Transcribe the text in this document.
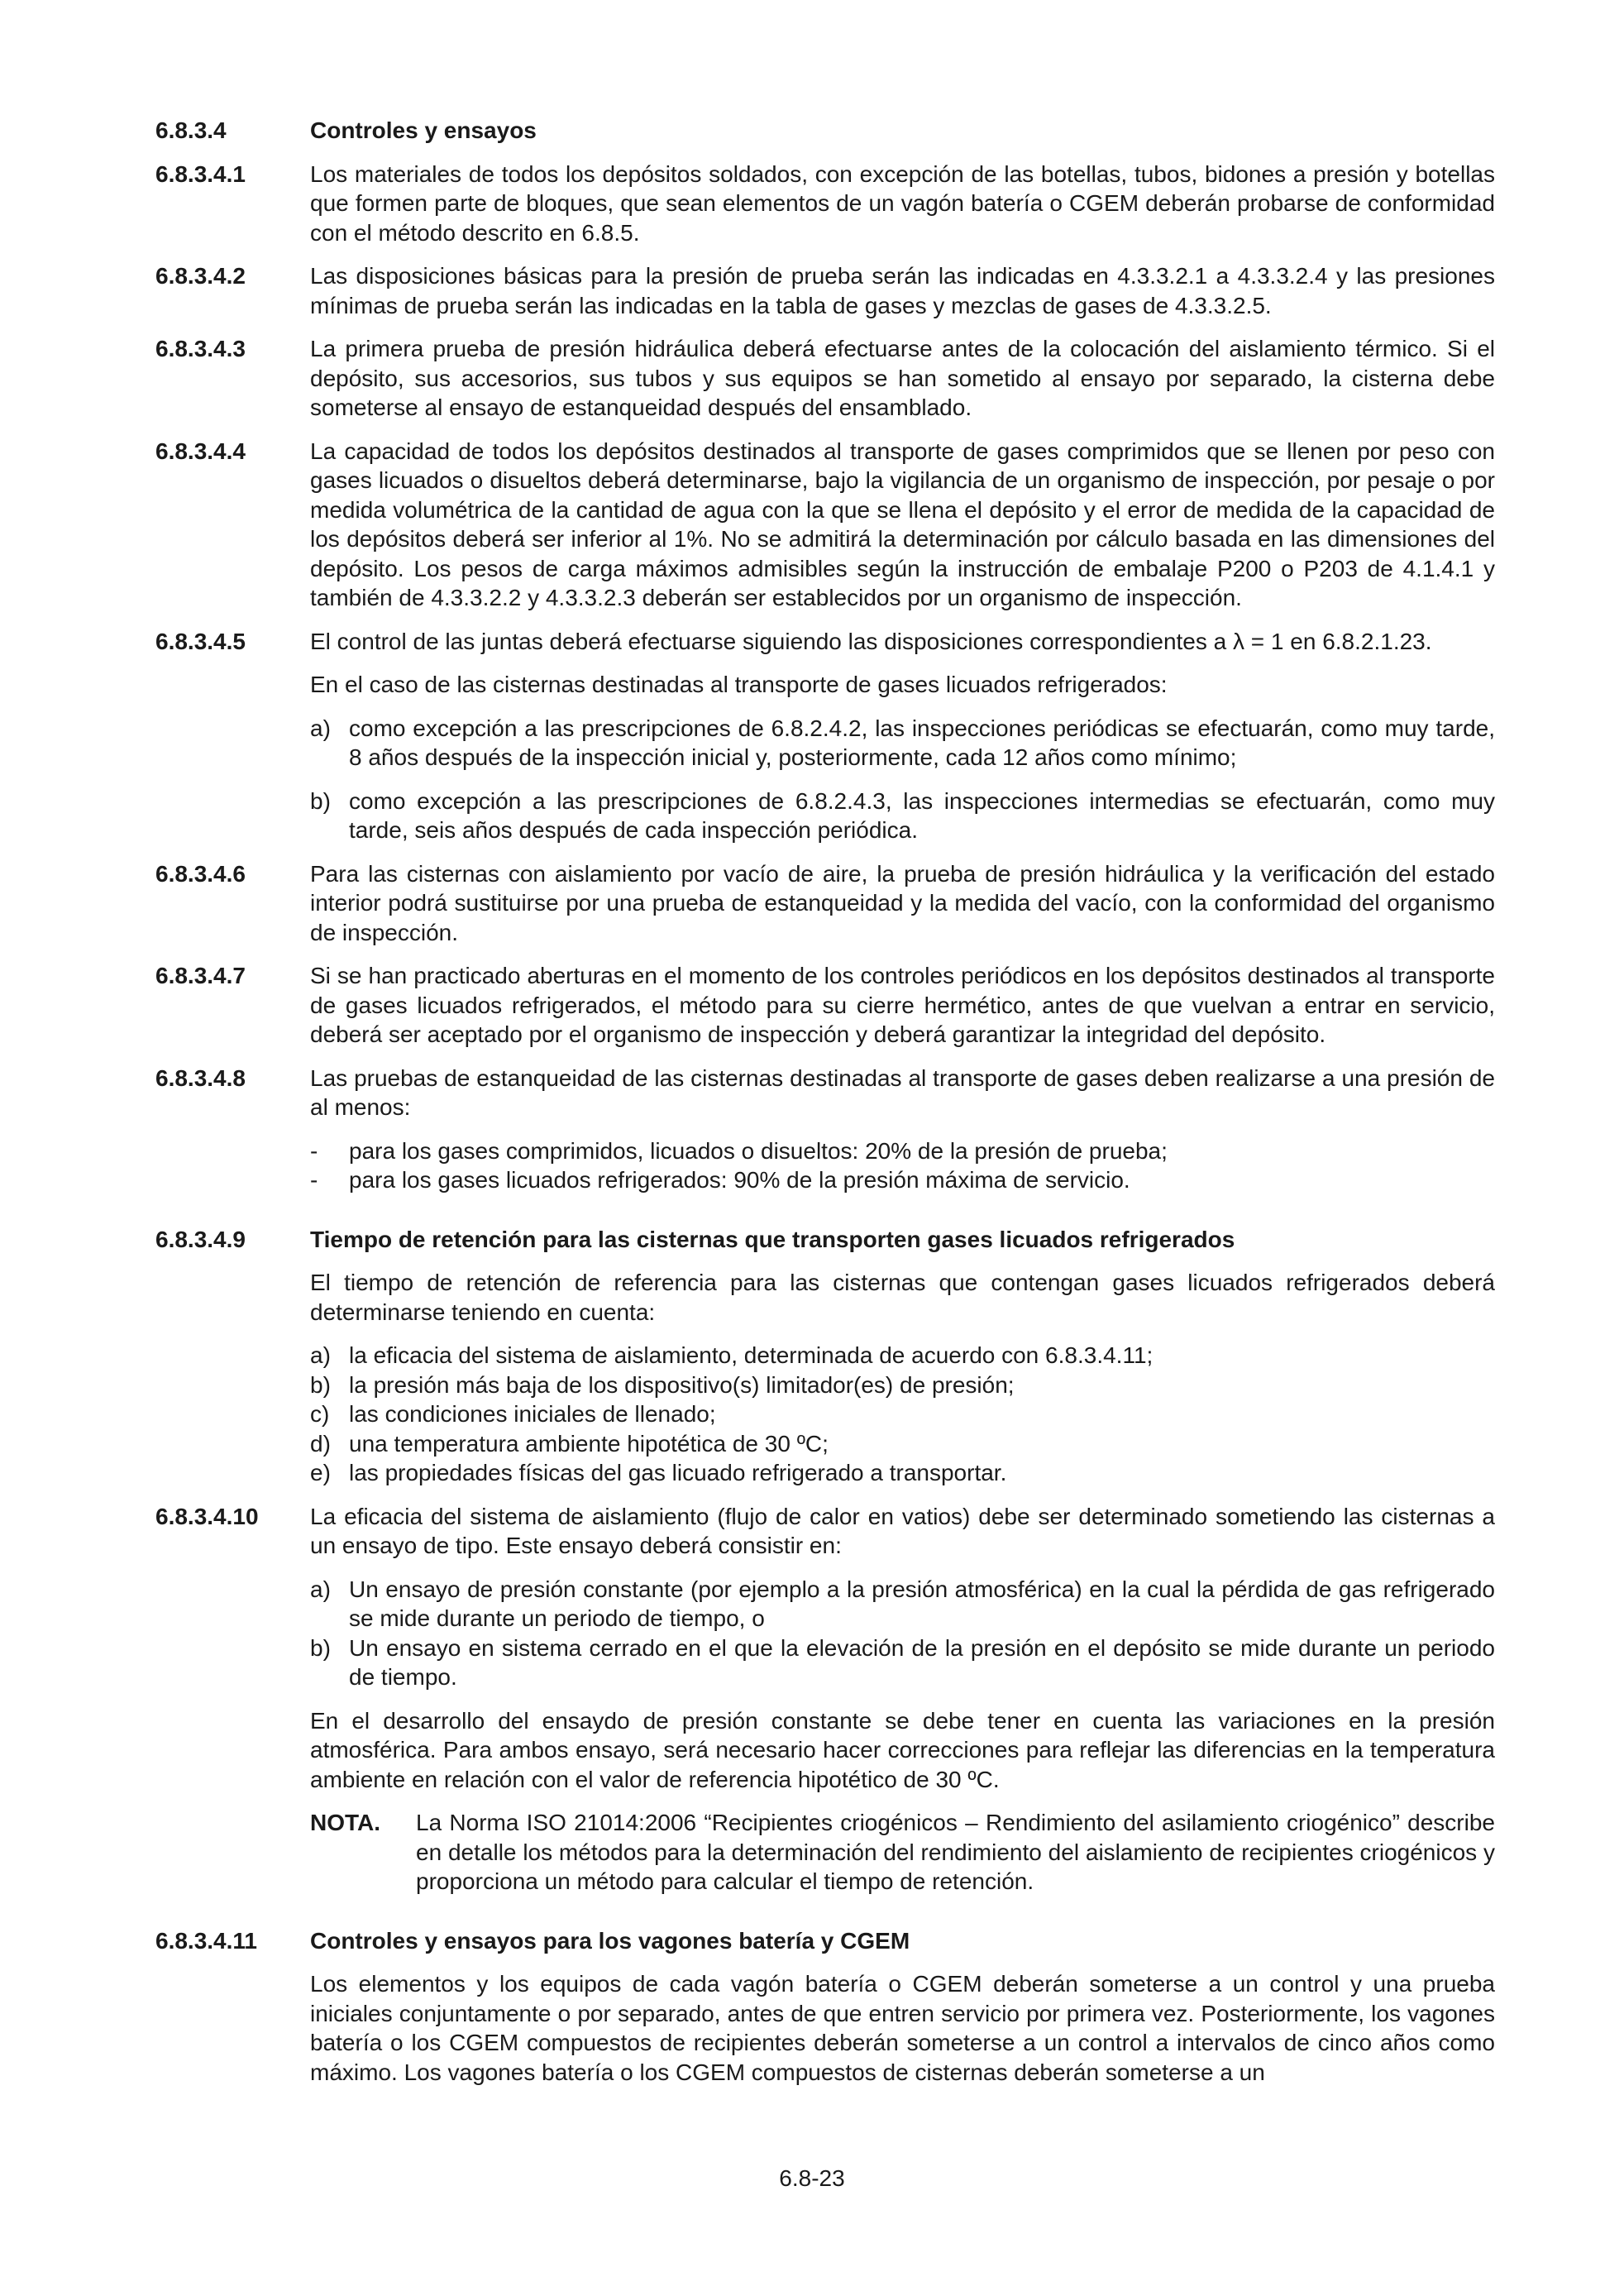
6.8.3.4	Controles y ensayos
6.8.3.4.1	Los materiales de todos los depósitos soldados, con excepción de las botellas, tubos, bidones a presión y botellas que formen parte de bloques, que sean elementos de un vagón batería o CGEM deberán probarse de conformidad con el método descrito en 6.8.5.
6.8.3.4.2	Las disposiciones básicas para la presión de prueba serán las indicadas en 4.3.3.2.1 a 4.3.3.2.4 y las presiones mínimas de prueba serán las indicadas en la tabla de gases y mezclas de gases de 4.3.3.2.5.
6.8.3.4.3	La primera prueba de presión hidráulica deberá efectuarse antes de la colocación del aislamiento térmico. Si el depósito, sus accesorios, sus tubos y sus equipos se han sometido al ensayo por separado, la cisterna debe someterse al ensayo de estanqueidad después del ensamblado.
6.8.3.4.4	La capacidad de todos los depósitos destinados al transporte de gases comprimidos que se llenen por peso con gases licuados o disueltos deberá determinarse, bajo la vigilancia de un organismo de inspección, por pesaje o por medida volumétrica de la cantidad de agua con la que se llena el depósito y el error de medida de la capacidad de los depósitos deberá ser inferior al 1%. No se admitirá la determinación por cálculo basada en las dimensiones del depósito. Los pesos de carga máximos admisibles según la instrucción de embalaje P200 o P203 de 4.1.4.1 y también de 4.3.3.2.2 y 4.3.3.2.3 deberán ser establecidos por un organismo de inspección.
6.8.3.4.5	El control de las juntas deberá efectuarse siguiendo las disposiciones correspondientes a λ = 1 en 6.8.2.1.23.
En el caso de las cisternas destinadas al transporte de gases licuados refrigerados:
a) como excepción a las prescripciones de 6.8.2.4.2, las inspecciones periódicas se efectuarán, como muy tarde, 8 años después de la inspección inicial y, posteriormente, cada 12 años como mínimo;
b) como excepción a las prescripciones de 6.8.2.4.3, las inspecciones intermedias se efectuarán, como muy tarde, seis años después de cada inspección periódica.
6.8.3.4.6	Para las cisternas con aislamiento por vacío de aire, la prueba de presión hidráulica y la verificación del estado interior podrá sustituirse por una prueba de estanqueidad y la medida del vacío, con la conformidad del organismo de inspección.
6.8.3.4.7	Si se han practicado aberturas en el momento de los controles periódicos en los depósitos destinados al transporte de gases licuados refrigerados, el método para su cierre hermético, antes de que vuelvan a entrar en servicio, deberá ser aceptado por el organismo de inspección y deberá garantizar la integridad del depósito.
6.8.3.4.8	Las pruebas de estanqueidad de las cisternas destinadas al transporte de gases deben realizarse a una presión de al menos:
-	para los gases comprimidos, licuados o disueltos: 20% de la presión de prueba;
-	para los gases licuados refrigerados: 90% de la presión máxima de servicio.
6.8.3.4.9	Tiempo de retención para las cisternas que transporten gases licuados refrigerados
El tiempo de retención de referencia para las cisternas que contengan gases licuados refrigerados deberá determinarse teniendo en cuenta:
a) la eficacia del sistema de aislamiento, determinada de acuerdo con 6.8.3.4.11;
b) la presión más baja de los dispositivo(s) limitador(es) de presión;
c) las condiciones iniciales de llenado;
d) una temperatura ambiente hipotética de 30 ºC;
e) las propiedades físicas del gas licuado refrigerado a transportar.
6.8.3.4.10	La eficacia del sistema de aislamiento (flujo de calor en vatios) debe ser determinado sometiendo las cisternas a un ensayo de tipo. Este ensayo deberá consistir en:
a) Un ensayo de presión constante (por ejemplo a la presión atmosférica) en la cual la pérdida de gas refrigerado se mide durante un periodo de tiempo, o
b) Un ensayo en sistema cerrado en el que la elevación de la presión en el depósito se mide durante un periodo de tiempo.
En el desarrollo del ensaydo de presión constante se debe tener en cuenta las variaciones en la presión atmosférica. Para ambos ensayo, será necesario hacer correcciones para reflejar las diferencias en la temperatura ambiente en relación con el valor de referencia hipotético de 30 ºC.
NOTA.	La Norma ISO 21014:2006 “Recipientes criogénicos – Rendimiento del asilamiento criogénico” describe en detalle los métodos para la determinación del rendimiento del aislamiento de recipientes criogénicos y proporciona un método para calcular el tiempo de retención.
6.8.3.4.11	Controles y ensayos para los vagones batería y CGEM
Los elementos y los equipos de cada vagón batería o CGEM deberán someterse a un control y una prueba iniciales conjuntamente o por separado, antes de que entren servicio por primera vez. Posteriormente, los vagones batería o los CGEM compuestos de recipientes deberán someterse a un control a intervalos de cinco años como máximo. Los vagones batería o los CGEM compuestos de cisternas deberán someterse a un
6.8-23
